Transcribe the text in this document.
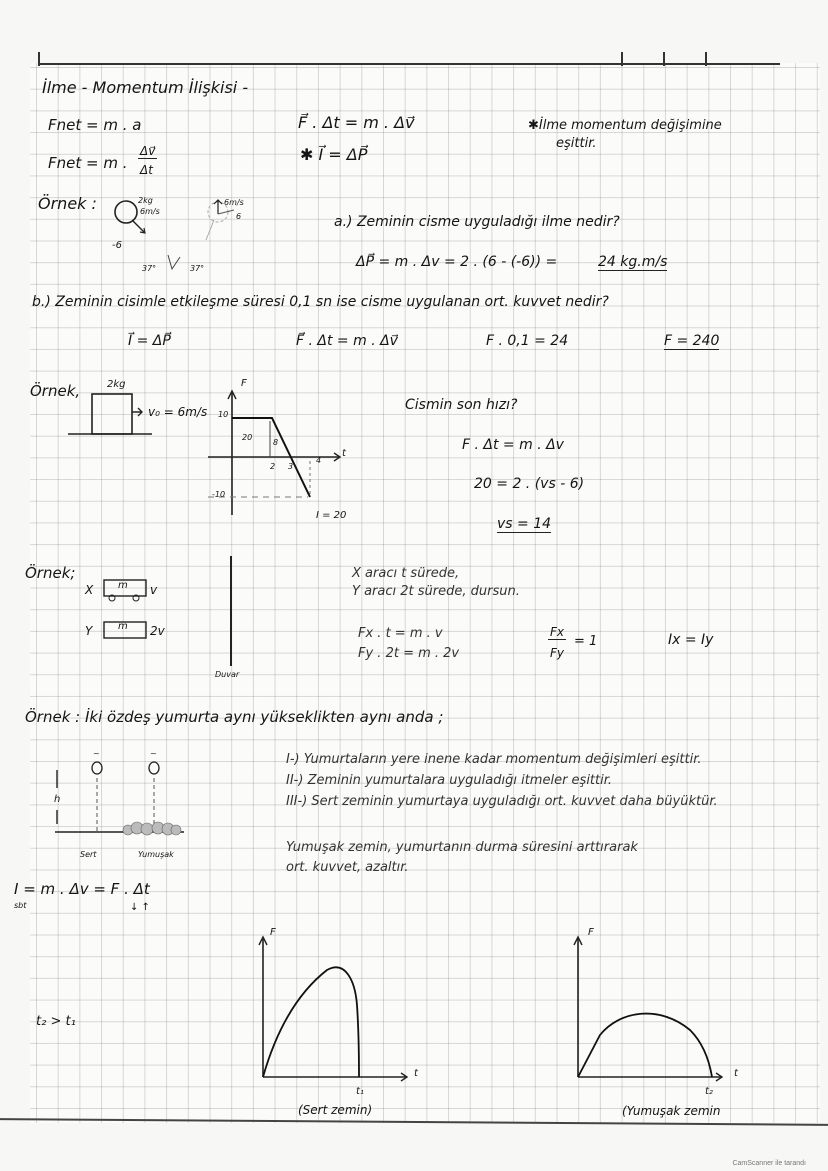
İlme - Momentum İlişkisi -
Fnet = m . a
Fnet = m .
Δv⃗
Δt
F⃗ . Δt = m . Δv⃗
✱ I⃗ = ΔP⃗
✱İlme momentum değişimine
eşittir.
Örnek :	2kg
6m/s
-6
6m/s
6
37°	37°
a.) Zeminin cisme uyguladığı ilme nedir?
ΔP⃗ = m . Δv = 2 . (6 - (-6)) =	24 kg.m/s
b.) Zeminin cisimle etkileşme süresi 0,1 sn ise cisme uygulanan ort. kuvvet nedir?
I⃗ = ΔP⃗	F⃗ . Δt = m . Δv⃗	F . 0,1 = 24	F = 240
Örnek,	2kg
v₀ = 6m/s
F
t
10
-10
20
8
2 3
4
I = 20
Cismin son hızı?
F . Δt = m . Δv
20 = 2 . (vs - 6)
vs = 14
Örnek;
X m v
Y	m 2v
Duvar
X aracı t sürede,
Y aracı 2t sürede, dursun.
Fx . t = m . v
Fy . 2t = m . 2v
Fx
Fy
= 1	Ix = Iy
Örnek : İki özdeş yumurta aynı yükseklikten aynı anda ;
~	~
h
Sert	Yumuşak
I-) Yumurtaların yere inene kadar momentum değişimleri eşittir.
II-) Zeminin yumurtalara uyguladığı itmeler eşittir.
III-) Sert zeminin yumurtaya uyguladığı ort. kuvvet daha büyüktür.
Yumuşak zemin, yumurtanın durma süresini arttırarak
ort. kuvvet, azaltır.
I = m . Δv = F . Δt
sbt	↓ ↑
t₂ > t₁
F
t
t₁
(Sert zemin)
F
t
t₂
(Yumuşak zemin
CamScanner ile tarandı
